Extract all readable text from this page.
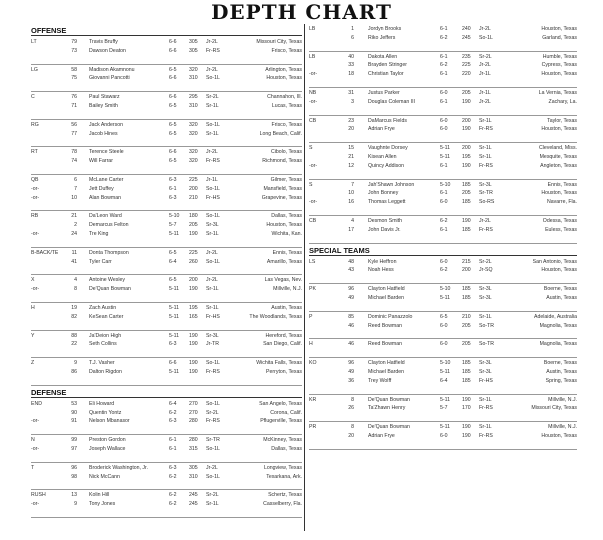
DEPTH CHART
OFFENSE
LT	79	Travis Bruffy	6-6	305	Jr-2L	Missouri City, Texas
73	Dawson Deaton	6-6	305	Fr-RS	Frisco, Texas
LG	58	Madison Akamnonu	6-5	320	Jr-2L	Arlington, Texas
75	Giovanni Pancotti	6-6	310	So-1L	Houston, Texas
C	76	Paul Stawarz	6-6	295	Sr-2L	Channahon, Ill.
71	Bailey Smith	6-5	310	Sr-1L	Lucas, Texas
RG	56	Jack Anderson	6-5	320	So-1L	Frisco, Texas
77	Jacob Hines	6-5	320	Sr-1L	Long Beach, Calif.
RT	78	Terence Steele	6-6	320	Jr-2L	Cibolo, Texas
74	Will Farrar	6-5	320	Fr-RS	Richmond, Texas
QB	6	McLane Carter	6-3	225	Jr-1L	Gilmer, Texas
-or-	7	Jett Duffey	6-1	200	So-1L	Mansfield, Texas
-or-	10	Alan Bowman	6-3	210	Fr-HS	Grapevine, Texas
RB	21	Da'Leon Ward	5-10	180	So-1L	Dallas, Texas
2	Demarcus Felton	5-7	205	Sr-3L	Houston, Texas
-or-	24	Tre King	5-11	190	Sr-1L	Wichita, Kan.
B-BACK/TE	11	Donta Thompson	6-5	225	Jr-2L	Ennis, Texas
41	Tyler Carr	6-4	260	So-1L	Amarillo, Texas
X	4	Antoine Wesley	6-5	200	Jr-2L	Las Vegas, Nev.
-or-	8	De'Quan Bowman	5-11	190	Sr-1L	Millville, N.J.
H	19	Zach Austin	5-11	195	Sr-1L	Austin, Texas
82	KeSean Carter	5-11	165	Fr-HS	The Woodlands, Texas
Y	88	Ja'Deion High	5-11	190	Sr-3L	Hereford, Texas
22	Seth Collins	6-3	190	Jr-TR	San Diego, Calif.
Z	9	T.J. Vasher	6-6	190	So-1L	Wichita Falls, Texas
86	Dalton Rigdon	5-11	190	Fr-RS	Perryton, Texas
DEFENSE
END	53	Eli Howard	6-4	270	So-1L	San Angelo, Texas
90	Quentin Yontz	6-2	270	Sr-2L	Corona, Calif.
-or-	91	Nelson Mbanasor	6-3	280	Fr-RS	Pflugerville, Texas
N	99	Preston Gordon	6-1	280	Sr-TR	McKinney, Texas
-or-	97	Joseph Wallace	6-1	315	So-1L	Dallas, Texas
T	96	Broderick Washington, Jr.	6-3	305	Jr-2L	Longview, Texas
98	Nick McCann	6-2	310	So-1L	Texarkana, Ark.
RUSH	13	Kolin Hill	6-2	245	Sr-2L	Schertz, Texas
-or-	9	Tony Jones	6-2	245	Sr-1L	Casselberry, Fla.
LB	1	Jordyn Brooks	6-1	240	Jr-2L	Houston, Texas
6	Riko Jeffers	6-2	245	So-1L	Garland, Texas
LB	40	Dakota Allen	6-1	235	Sr-2L	Humble, Texas
33	Brayden Stringer	6-2	225	Jr-2L	Cypress, Texas
-or-	18	Christian Taylor	6-1	220	Jr-1L	Houston, Texas
NB	31	Justus Parker	6-0	205	Jr-1L	La Vernia, Texas
-or-	3	Douglas Coleman III	6-1	190	Jr-2L	Zachary, La.
CB	23	DaMarcus Fields	6-0	200	Sr-1L	Taylor, Texas
20	Adrian Frye	6-0	190	Fr-RS	Houston, Texas
S	15	Vaughnte Dorsey	5-11	200	Sr-1L	Cleveland, Miss.
21	Kisean Allen	5-11	195	Sr-1L	Mesquite, Texas
-or-	12	Quincy Addison	6-1	190	Fr-RS	Angleton, Texas
S	7	Jah'Shawn Johnson	5-10	185	Sr-3L	Ennis, Texas
10	John Bonney	6-1	205	Sr-TR	Houston, Texas
-or-	16	Thomas Leggett	6-0	185	So-RS	Navarre, Fla.
CB	4	Desmon Smith	6-2	190	Jr-2L	Odessa, Texas
17	John Davis Jr.	6-1	185	Fr-RS	Euless, Texas
SPECIAL TEAMS
LS	48	Kyle Heffron	6-0	215	Sr-2L	San Antonio, Texas
43	Noah Hess	6-2	200	Jr-SQ	Houston, Texas
PK	96	Clayton Hatfield	5-10	185	Sr-3L	Boerne, Texas
49	Michael Barden	5-11	185	Sr-3L	Austin, Texas
P	85	Dominic Panazzolo	6-5	210	Sr-1L	Adelaide, Australia
46	Reed Bowman	6-0	205	So-TR	Magnolia, Texas
H	46	Reed Bowman	6-0	205	So-TR	Magnolia, Texas
KO	96	Clayton Hatfield	5-10	185	Sr-3L	Boerne, Texas
49	Michael Barden	5-11	185	Sr-3L	Austin, Texas
36	Trey Wolff	6-4	185	Fr-HS	Spring, Texas
KR	8	De'Quan Bowman	5-11	190	Sr-1L	Millville, N.J.
26	Ta'Zhawn Henry	5-7	170	Fr-RS	Missouri City, Texas
PR	8	De'Quan Bowman	5-11	190	Sr-1L	Millville, N.J.
20	Adrian Frye	6-0	190	Fr-RS	Houston, Texas
